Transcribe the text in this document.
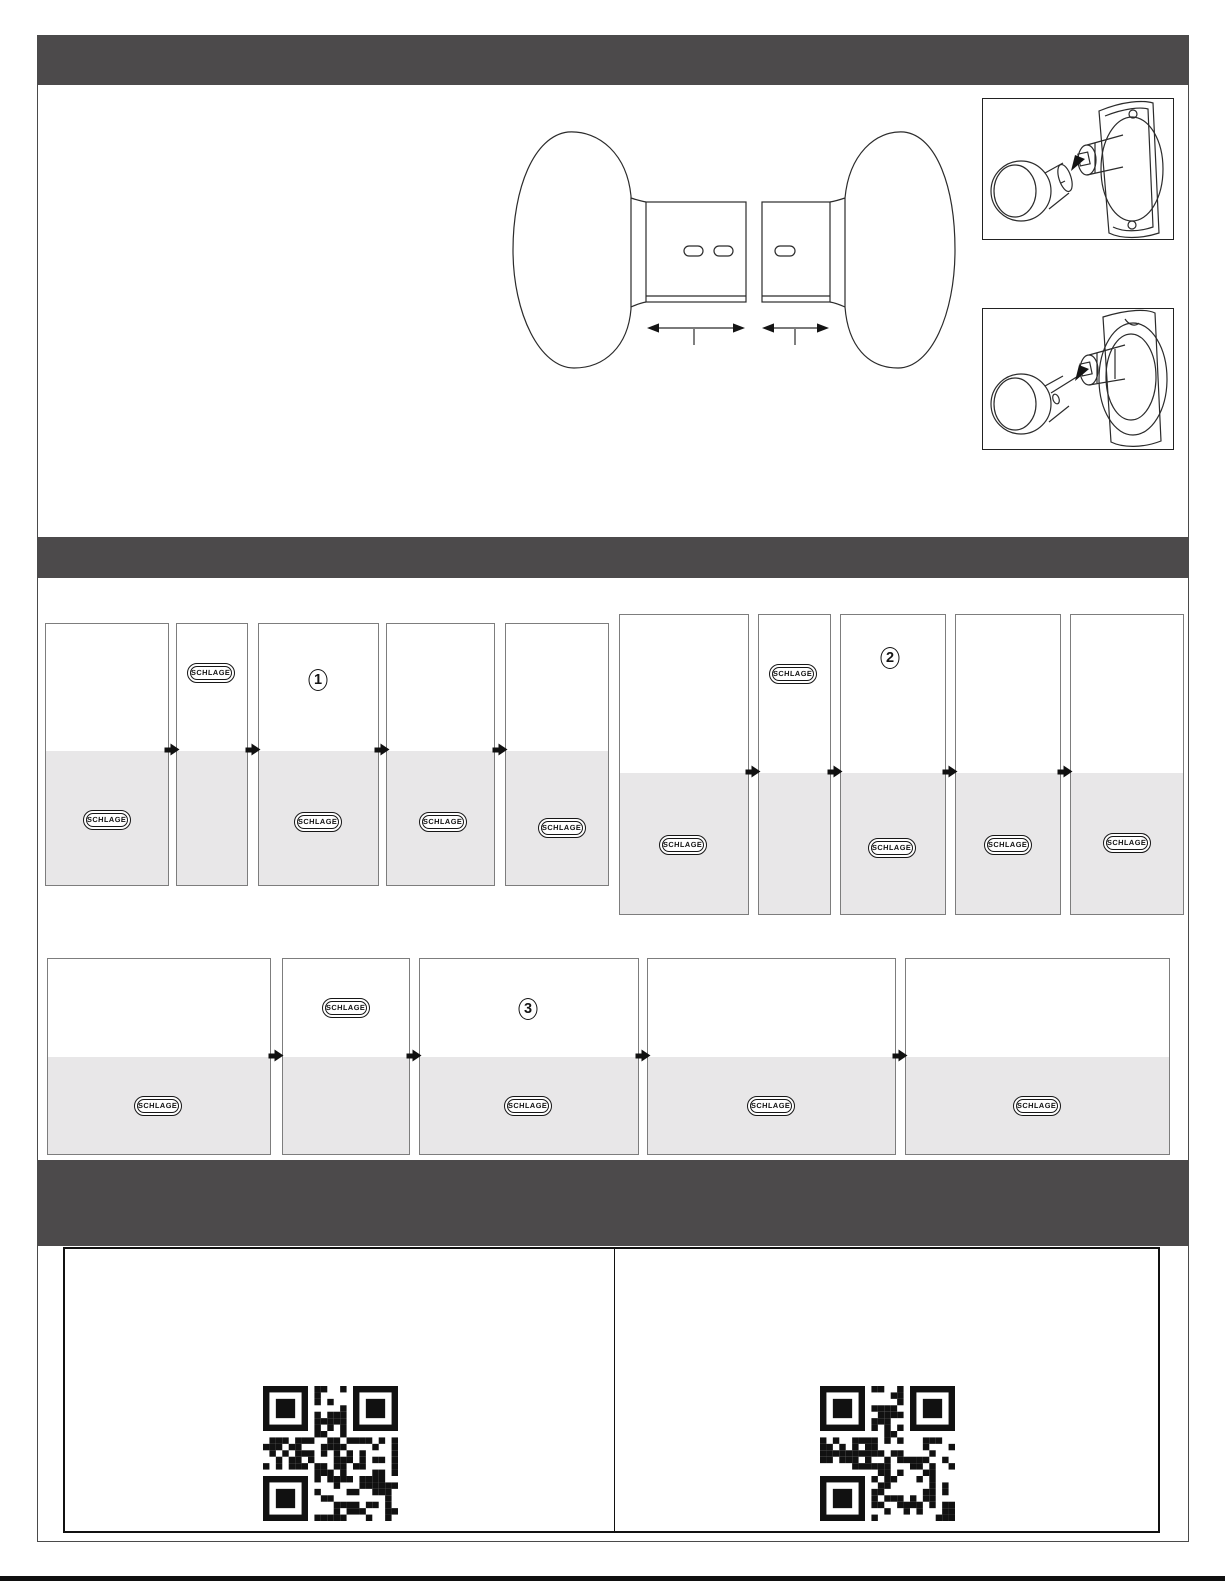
SCHLAGE
SCHLAGE
SCHLAGE	SCHLAGE
SCHLAGE
SCHLAGE
SCHLAGE
SCHLAGE	SCHLAGE	SCHLAGE
SCHLAGE
SCHLAGE
SCHLAGE	SCHLAGE	SCHLAGE
1
2
3
